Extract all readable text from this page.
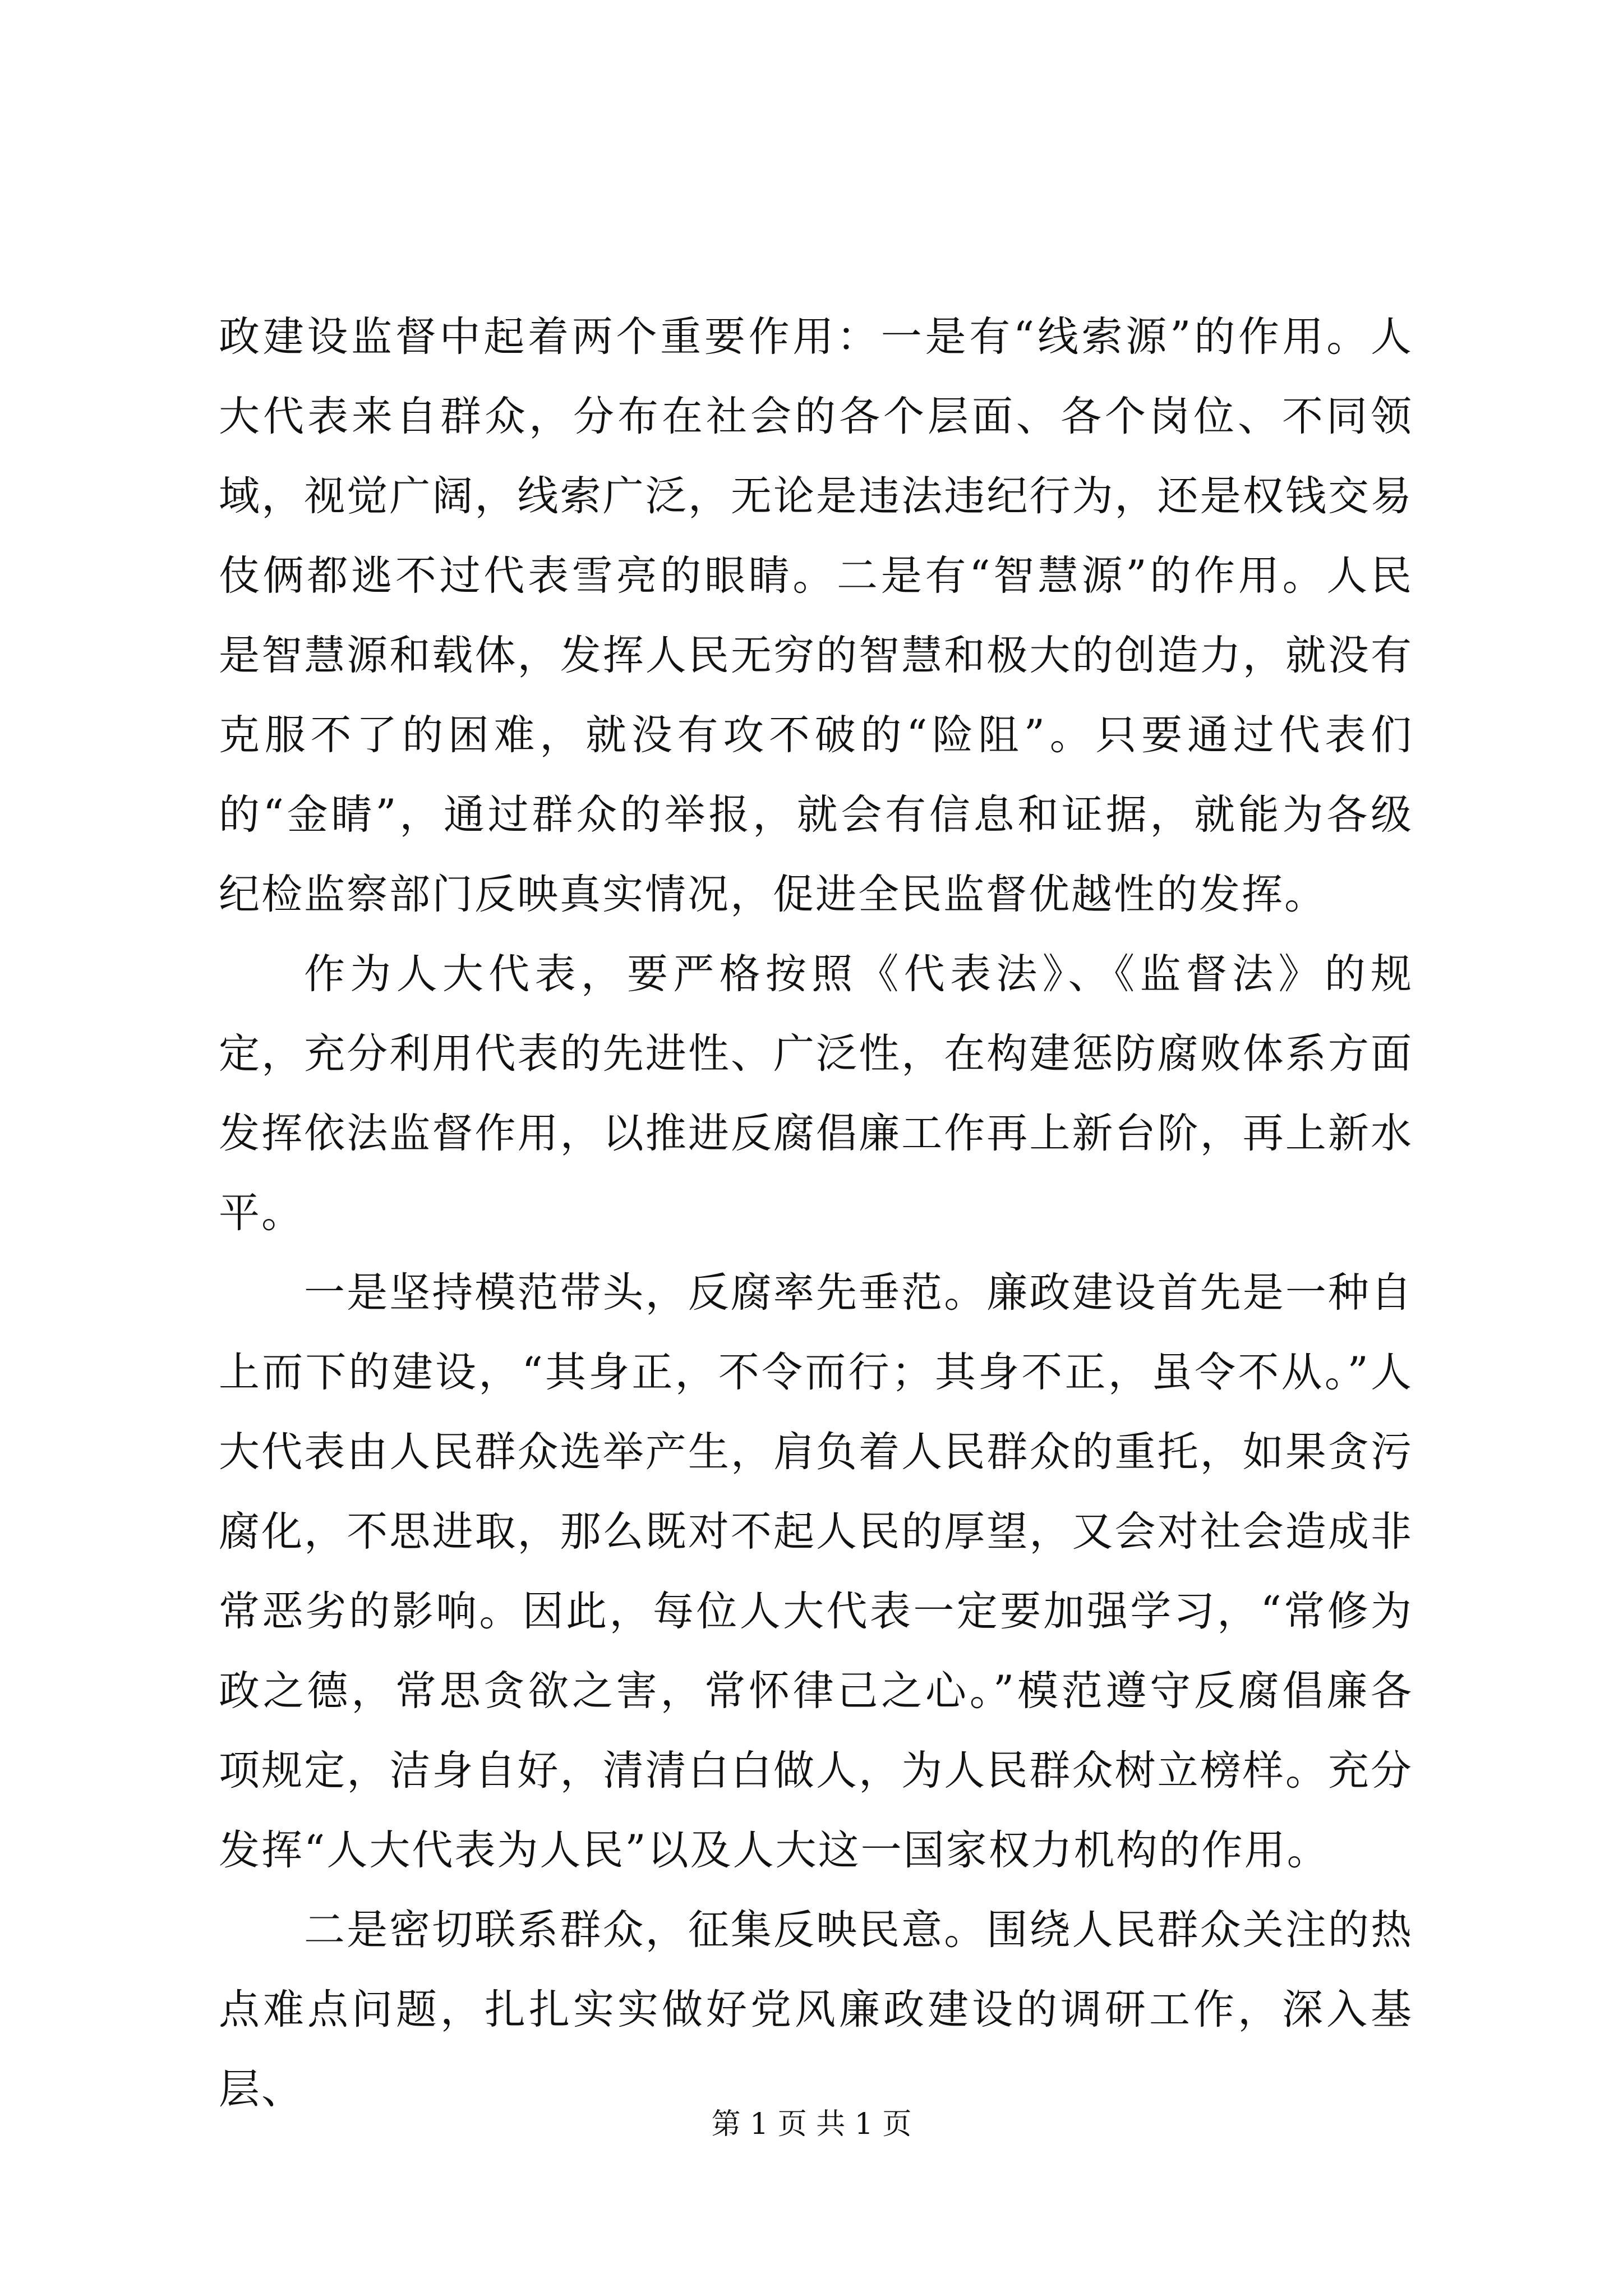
政建设监督中起着两个重要作用：一是有“线索源”的作用。人大代表来自群众，分布在社会的各个层面、各个岗位、不同领域，视觉广阔，线索广泛，无论是违法违纪行为，还是权钱交易伎俩都逃不过代表雪亮的眼睛。二是有“智慧源”的作用。人民是智慧源和载体，发挥人民无穷的智慧和极大的创造力，就没有克服不了的困难，就没有攻不破的“险阻”。只要通过代表们的“金睛”，通过群众的举报，就会有信息和证据，就能为各级纪检监察部门反映真实情况，促进全民监督优越性的发挥。

作为人大代表，要严格按照《代表法》、《监督法》的规定，充分利用代表的先进性、广泛性，在构建惩防腐败体系方面发挥依法监督作用，以推进反腐倡廉工作再上新台阶，再上新水平。

一是坚持模范带头，反腐率先垂范。廉政建设首先是一种自上而下的建设，“其身正，不令而行；其身不正，虽令不从。”人大代表由人民群众选举产生，肩负着人民群众的重托，如果贪污腐化，不思进取，那么既对不起人民的厚望，又会对社会造成非常恶劣的影响。因此，每位人大代表一定要加强学习，“常修为政之德，常思贪欲之害，常怀律己之心。”模范遵守反腐倡廉各项规定，洁身自好，清清白白做人，为人民群众树立榜样。充分发挥“人大代表为人民”以及人大这一国家权力机构的作用。

二是密切联系群众，征集反映民意。围绕人民群众关注的热点难点问题，扎扎实实做好党风廉政建设的调研工作，深入基层、

第 1 页 共 1 页
